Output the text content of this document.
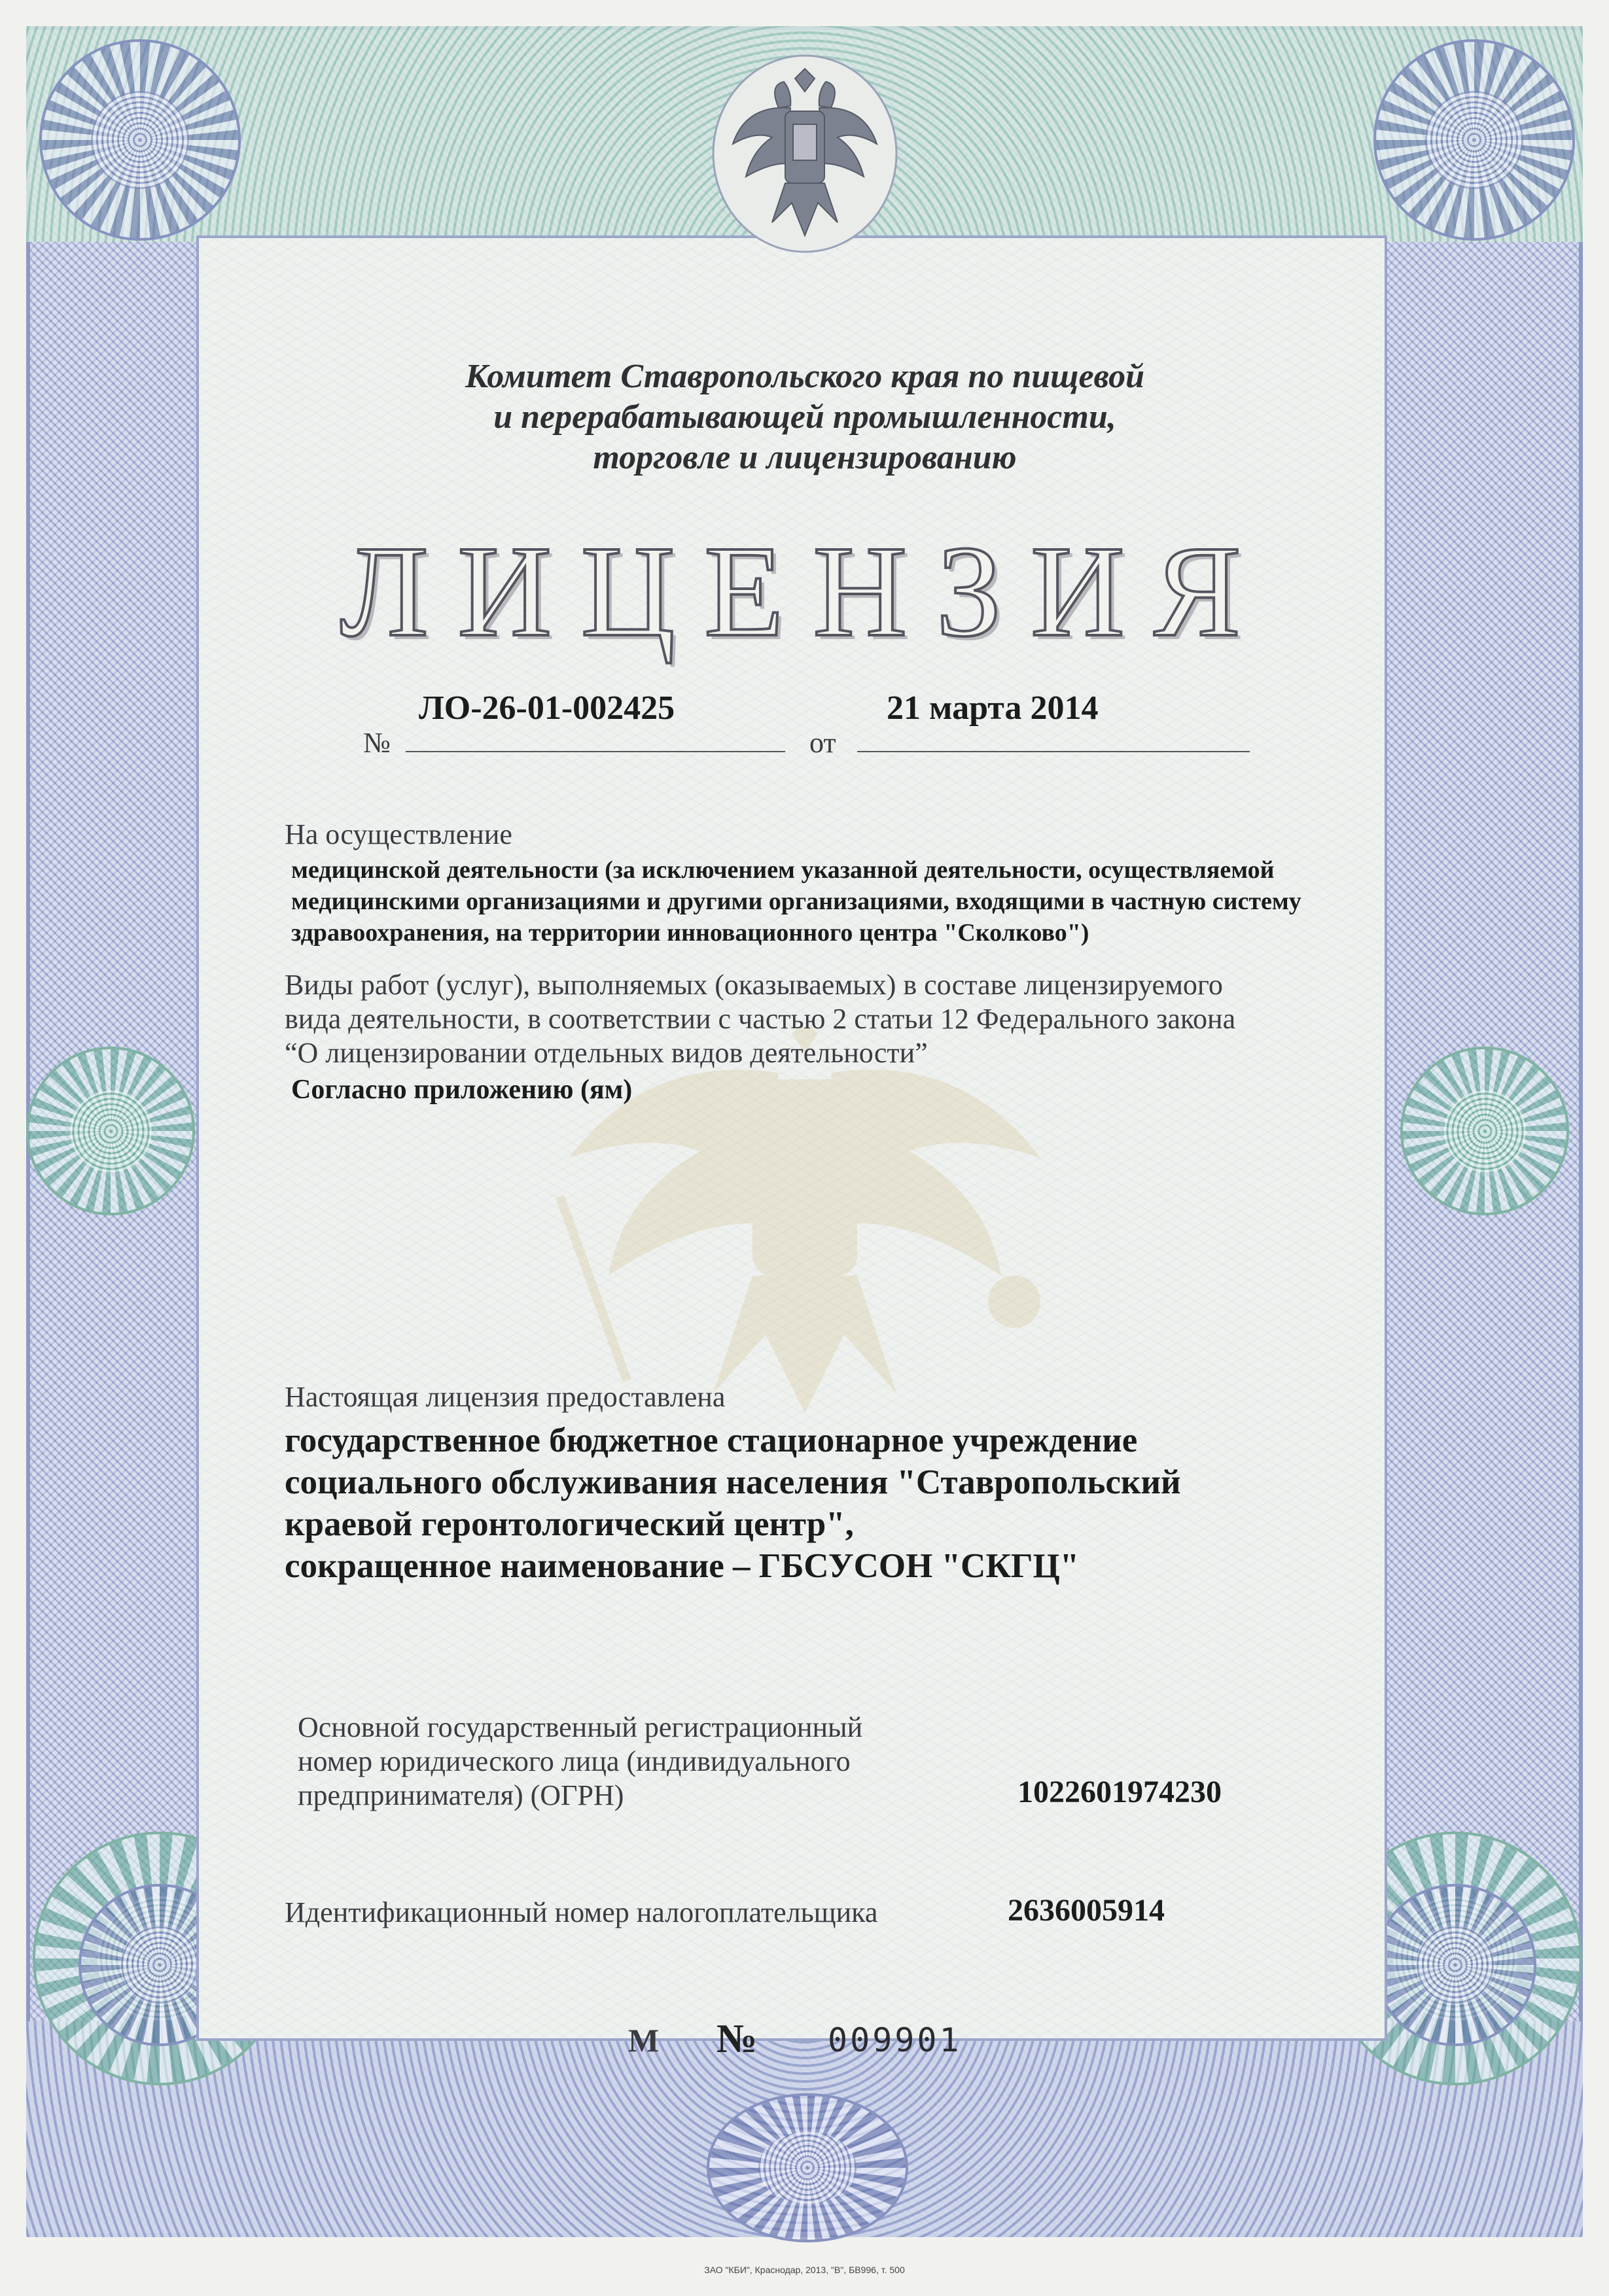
Комитет Ставропольского края по пищевой
и перерабатывающей промышленности,
торговле и лицензированию
ЛИЦЕНЗИЯ
ЛО-26-01-002425
№
21 марта 2014
от
На осуществление
медицинской деятельности (за исключением указанной деятельности, осуществляемой
медицинскими организациями и другими организациями, входящими в частную систему
здравоохранения, на территории инновационного центра "Сколково")
Виды работ (услуг), выполняемых (оказываемых) в составе лицензируемого
вида деятельности, в соответствии с частью 2 статьи 12 Федерального закона
“О лицензировании отдельных видов деятельности”
Согласно приложению (ям)
Настоящая лицензия предоставлена
государственное бюджетное стационарное учреждение
социального обслуживания населения "Ставропольский
краевой геронтологический центр",
сокращенное наименование – ГБСУСОН "СКГЦ"
Основной государственный регистрационный
номер юридического лица (индивидуального
предпринимателя) (ОГРН)	1022601974230
Идентификационный номер налогоплательщика	2636005914
М № 009901
ЗАО "КБИ", Краснодар, 2013, "В", БВ996, т. 500
